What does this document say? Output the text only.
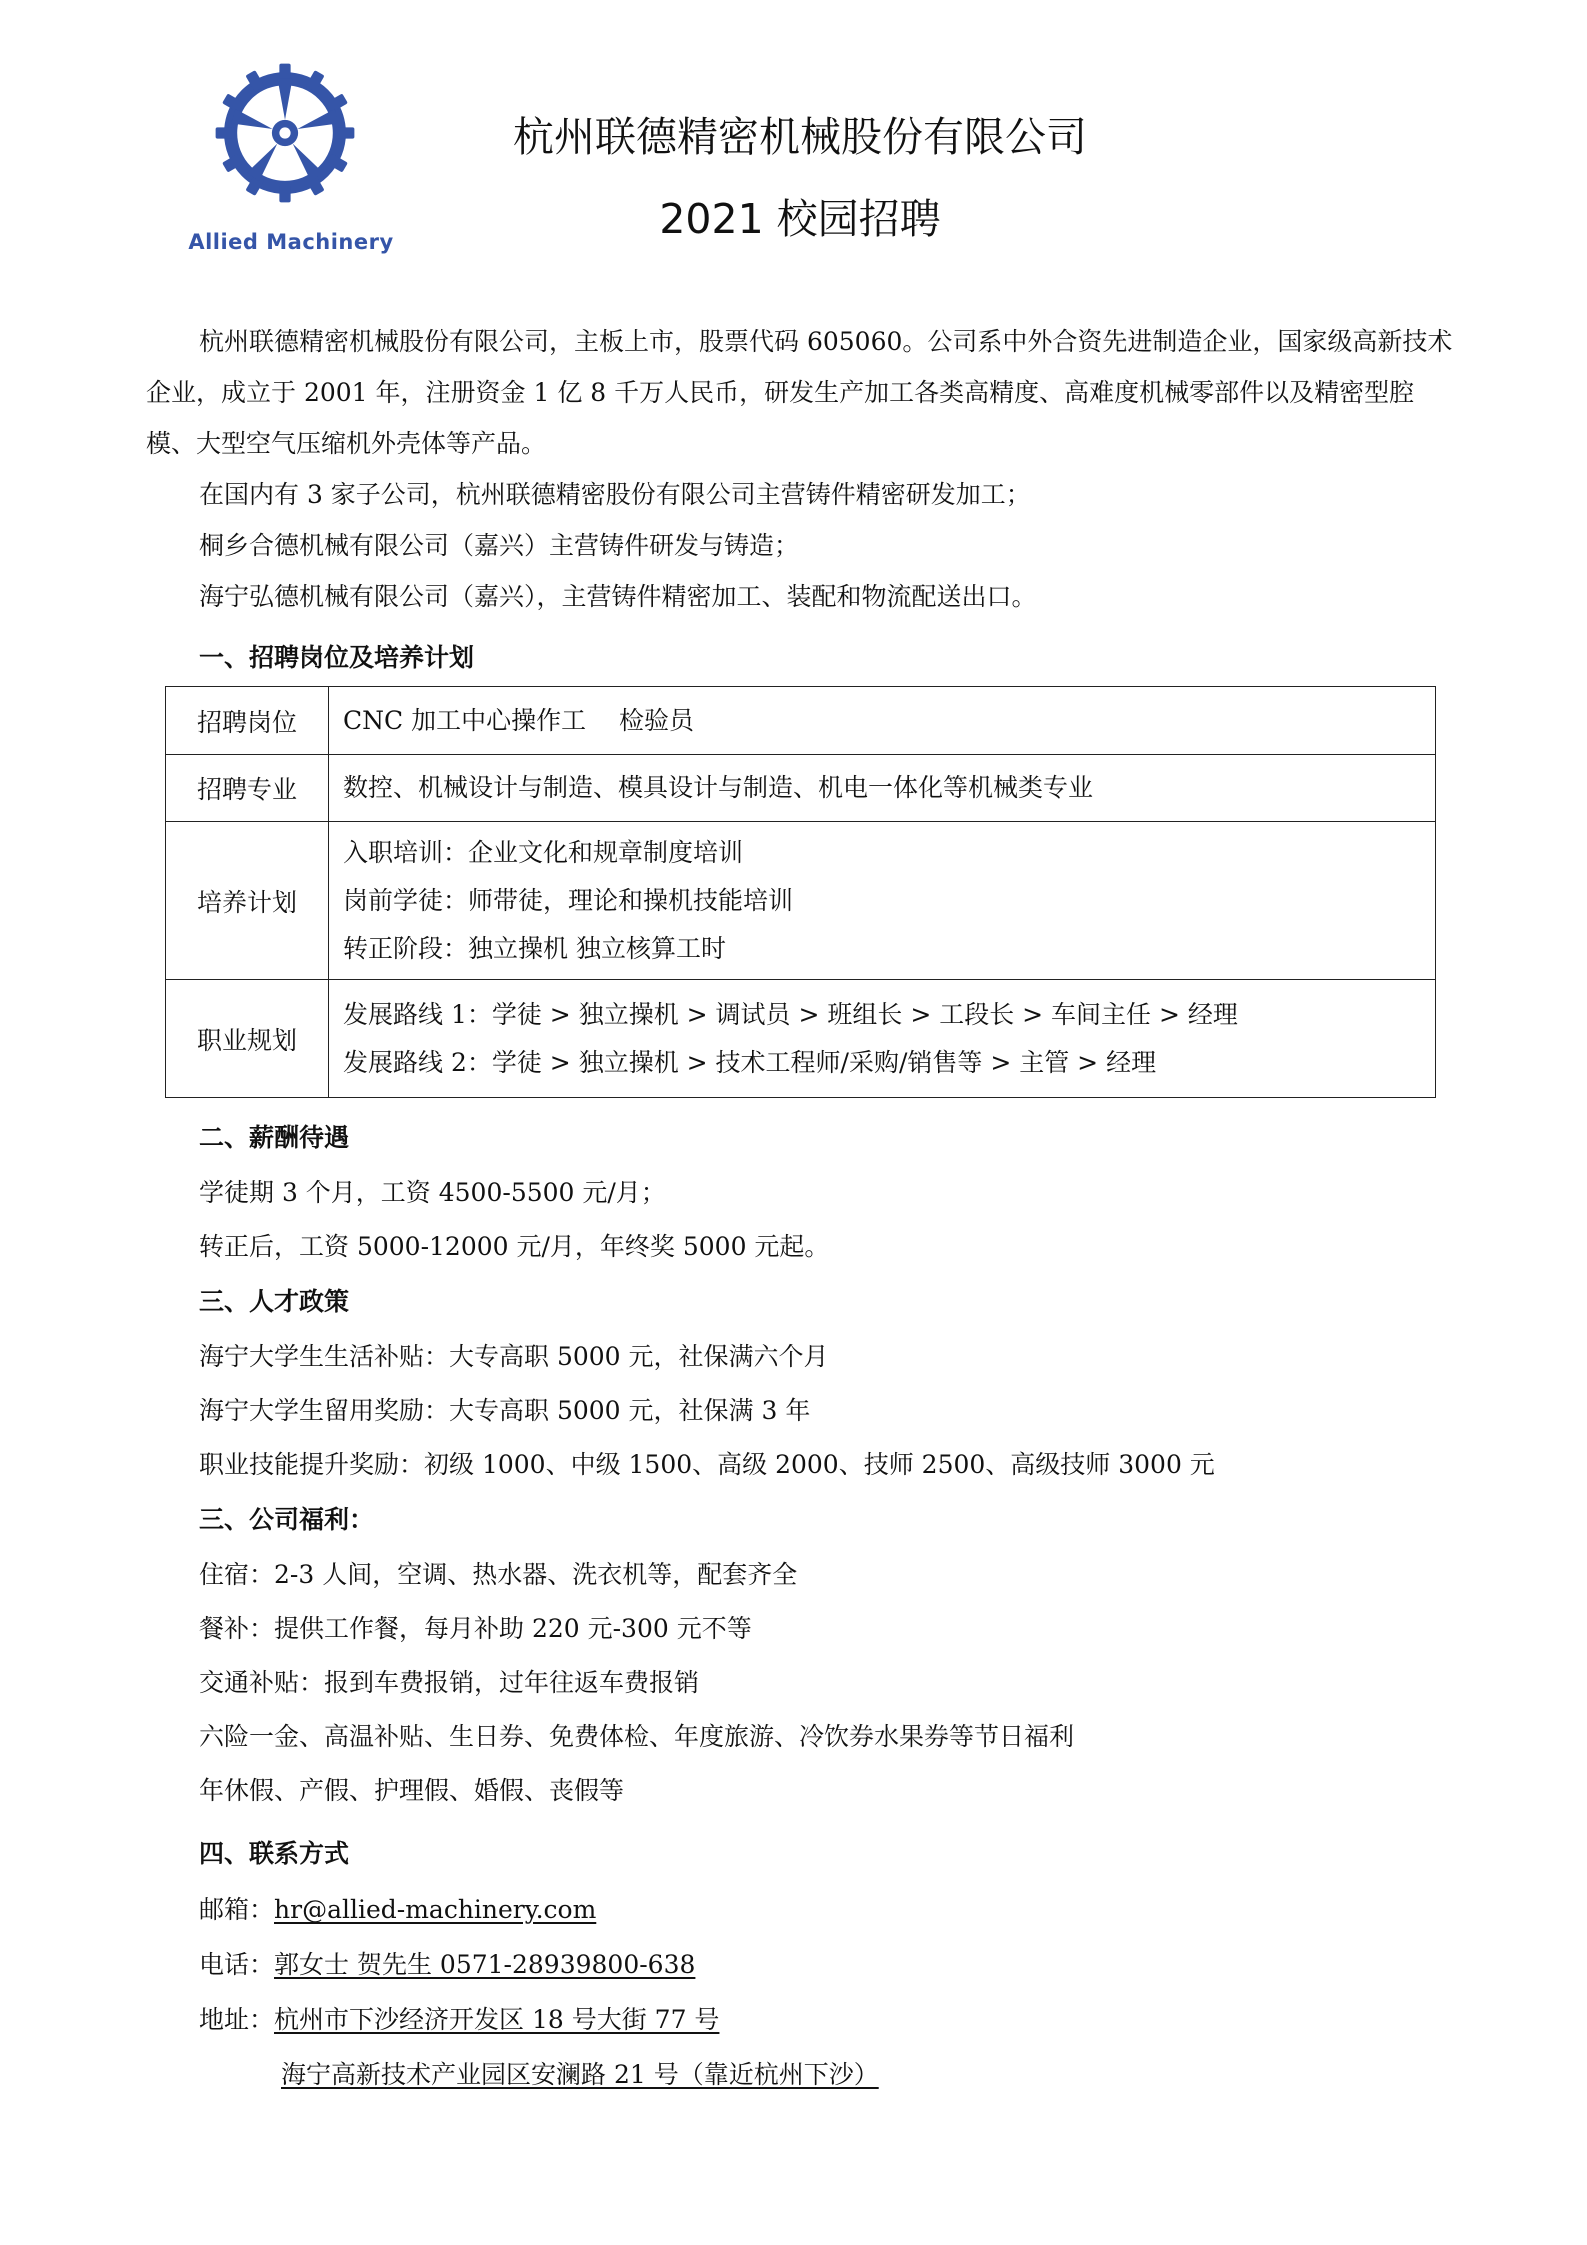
Allied Machinery
杭州联德精密机械股份有限公司
2021 校园招聘

杭州联德精密机械股份有限公司，主板上市，股票代码 605060。公司系中外合资先进制造企业，国家级高新技术企业，成立于 2001 年，注册资金 1 亿 8 千万人民币，研发生产加工各类高精度、高难度机械零部件以及精密型腔模、大型空气压缩机外壳体等产品。

在国内有 3 家子公司，杭州联德精密股份有限公司主营铸件精密研发加工；

桐乡合德机械有限公司（嘉兴）主营铸件研发与铸造；

海宁弘德机械有限公司（嘉兴），主营铸件精密加工、装配和物流配送出口。

一、招聘岗位及培养计划
招聘岗位	CNC 加工中心操作工　 检验员

招聘专业	数控、机械设计与制造、模具设计与制造、机电一体化等机械类专业

培养计划	入职培训：企业文化和规章制度培训
岗前学徒：师带徒，理论和操机技能培训
转正阶段：独立操机 独立核算工时

职业规划	发展路线 1：学徒 > 独立操机 > 调试员 > 班组长 > 工段长 > 车间主任 > 经理
发展路线 2：学徒 > 独立操机 > 技术工程师/采购/销售等 > 主管 > 经理
二、薪酬待遇
学徒期 3 个月，工资 4500-5500 元/月；
转正后，工资 5000-12000 元/月，年终奖 5000 元起。
三、人才政策
海宁大学生生活补贴：大专高职 5000 元，社保满六个月
海宁大学生留用奖励：大专高职 5000 元，社保满 3 年
职业技能提升奖励：初级 1000、中级 1500、高级 2000、技师 2500、高级技师 3000 元
三、公司福利：
住宿：2-3 人间，空调、热水器、洗衣机等，配套齐全
餐补：提供工作餐，每月补助 220 元-300 元不等
交通补贴：报到车费报销，过年往返车费报销
六险一金、高温补贴、生日券、免费体检、年度旅游、冷饮券水果券等节日福利
年休假、产假、护理假、婚假、丧假等
四、联系方式
邮箱：hr@allied-machinery.com
电话：郭女士 贺先生 0571-28939800-638
地址：杭州市下沙经济开发区 18 号大街 77 号
海宁高新技术产业园区安澜路 21 号（靠近杭州下沙）
